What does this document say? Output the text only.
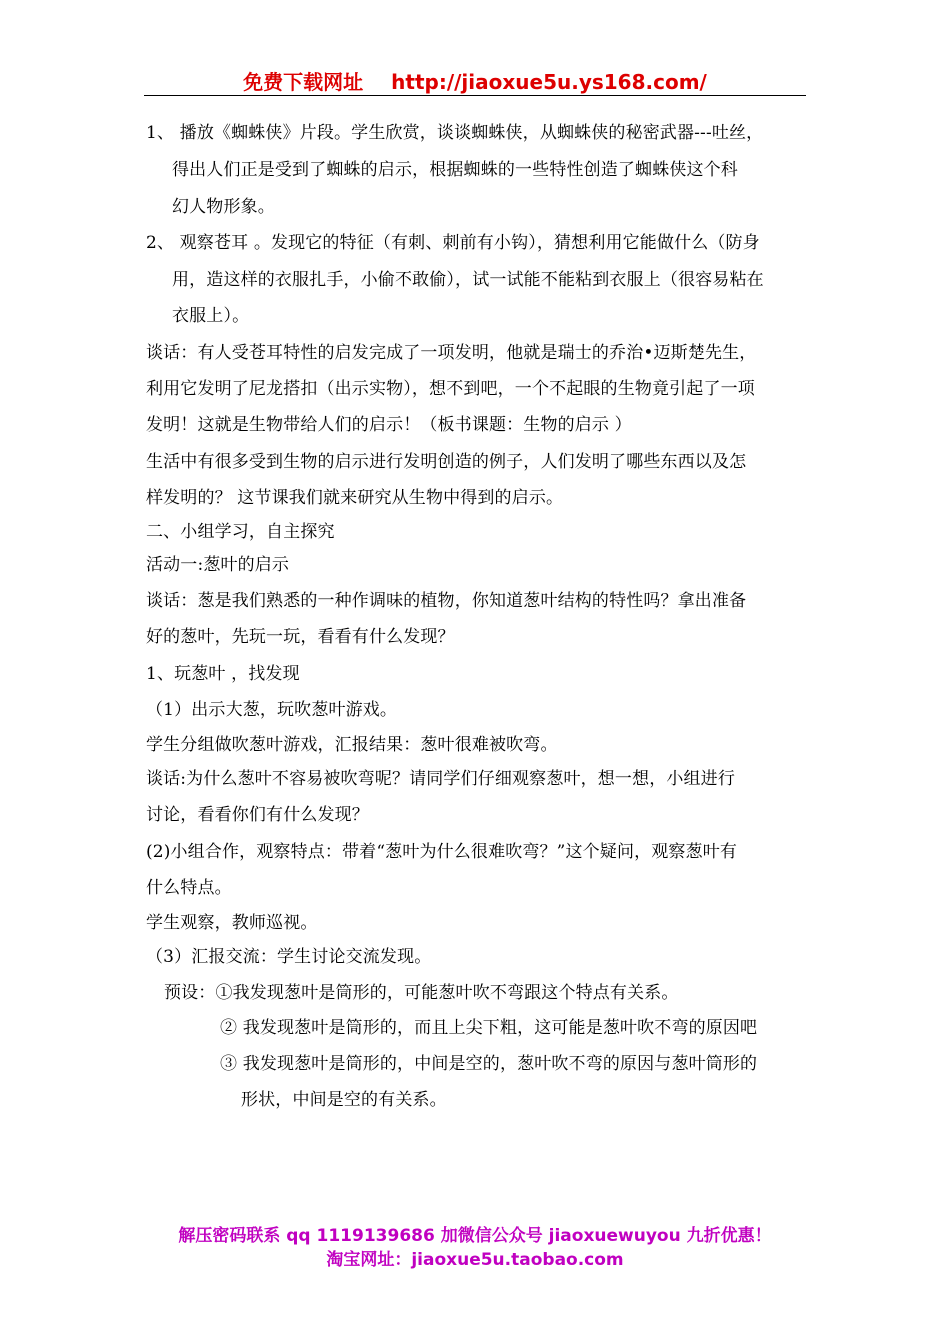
免费下载网址 http://jiaoxue5u.ys168.com/
1、 播放《蜘蛛侠》片段。学生欣赏，谈谈蜘蛛侠，从蜘蛛侠的秘密武器---吐丝，
得出人们正是受到了蜘蛛的启示，根据蜘蛛的一些特性创造了蜘蛛侠这个科
幻人物形象。
2、 观察苍耳 。发现它的特征（有刺、刺前有小钩），猜想利用它能做什么（防身
用，造这样的衣服扎手，小偷不敢偷），试一试能不能粘到衣服上（很容易粘在
衣服上）。
谈话：有人受苍耳特性的启发完成了一项发明，他就是瑞士的乔治•迈斯楚先生，
利用它发明了尼龙搭扣（出示实物），想不到吧，一个不起眼的生物竟引起了一项
发明！这就是生物带给人们的启示！（板书课题：生物的启示 ）
生活中有很多受到生物的启示进行发明创造的例子，人们发明了哪些东西以及怎
样发明的？ 这节课我们就来研究从生物中得到的启示。
二、小组学习，自主探究
活动一:葱叶的启示
谈话：葱是我们熟悉的一种作调味的植物，你知道葱叶结构的特性吗？拿出准备
好的葱叶，先玩一玩，看看有什么发现？
1、玩葱叶 ，找发现
（1）出示大葱，玩吹葱叶游戏。
学生分组做吹葱叶游戏，汇报结果：葱叶很难被吹弯。
谈话:为什么葱叶不容易被吹弯呢？请同学们仔细观察葱叶，想一想，小组进行
讨论，看看你们有什么发现？
(2)小组合作，观察特点：带着“葱叶为什么很难吹弯？”这个疑问，观察葱叶有
什么特点。
学生观察，教师巡视。
（3）汇报交流：学生讨论交流发现。
预设：①我发现葱叶是筒形的，可能葱叶吹不弯跟这个特点有关系。
② 我发现葱叶是筒形的，而且上尖下粗，这可能是葱叶吹不弯的原因吧
③ 我发现葱叶是筒形的，中间是空的，葱叶吹不弯的原因与葱叶筒形的
形状，中间是空的有关系。
解压密码联系 qq 1119139686 加微信公众号 jiaoxuewuyou 九折优惠！
淘宝网址：jiaoxue5u.taobao.com
